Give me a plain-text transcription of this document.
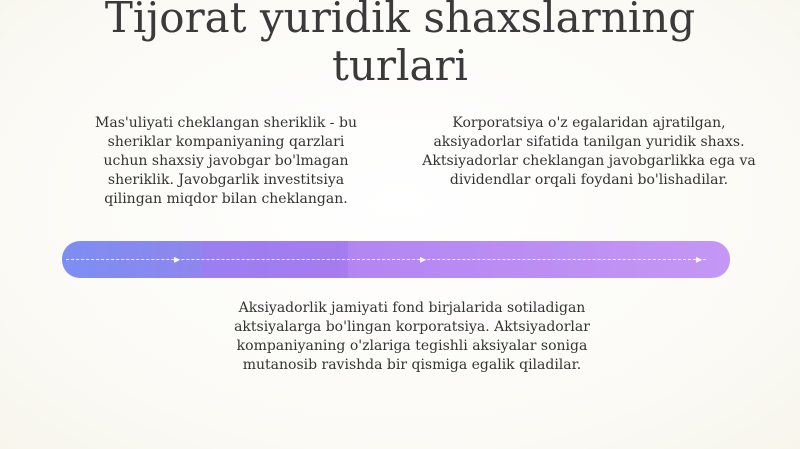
Tijorat yuridik shaxslarning turlari

Mas'uliyati cheklangan sheriklik - bu sheriklar kompaniyaning qarzlari uchun shaxsiy javobgar bo'lmagan sheriklik. Javobgarlik investitsiya qilingan miqdor bilan cheklangan.

Korporatsiya o'z egalaridan ajratilgan, aksiyadorlar sifatida tanilgan yuridik shaxs. Aktsiyadorlar cheklangan javobgarlikka ega va dividendlar orqali foydani bo'lishadilar.

▸	▸	▸

Aksiyadorlik jamiyati fond birjalarida sotiladigan aktsiyalarga bo'lingan korporatsiya. Aktsiyadorlar kompaniyaning o'zlariga tegishli aksiyalar soniga mutanosib ravishda bir qismiga egalik qiladilar.
